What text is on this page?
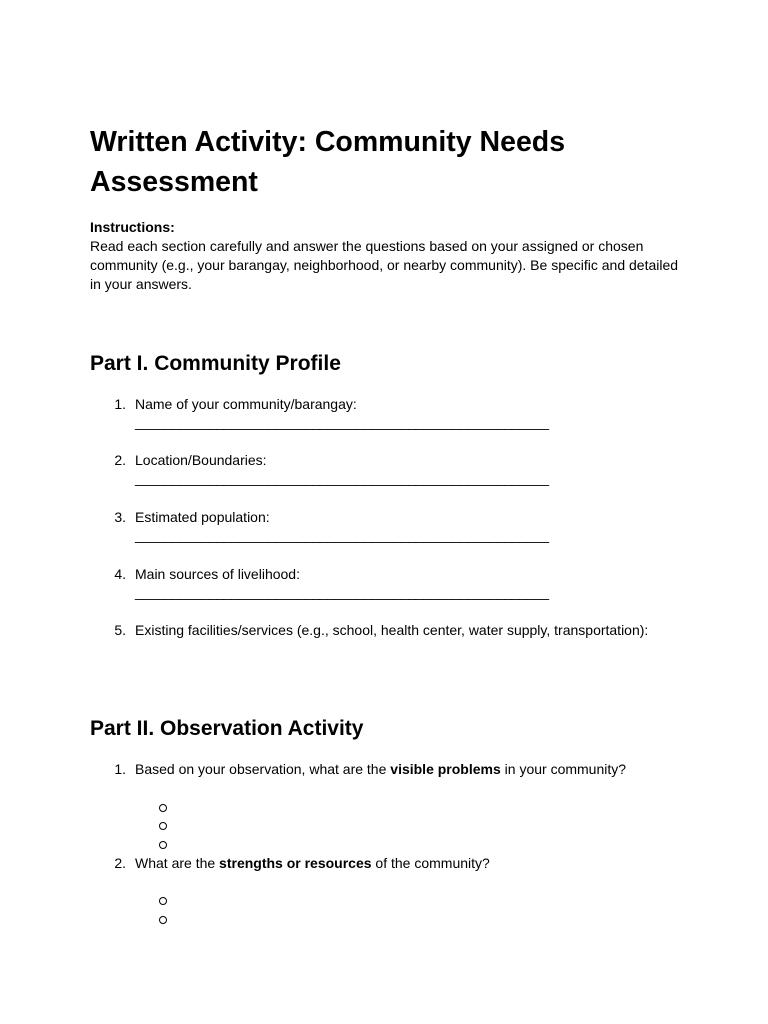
Written Activity: Community Needs Assessment
Instructions:

Read each section carefully and answer the questions based on your assigned or chosen community (e.g., your barangay, neighborhood, or nearby community). Be specific and detailed in your answers.

Part I. Community Profile
1. Name of your community/barangay:
________________________________________________________
2. Location/Boundaries:
________________________________________________________
3. Estimated population:
________________________________________________________
4. Main sources of livelihood:
________________________________________________________
5. Existing facilities/services (e.g., school, health center, water supply, transportation):
Part II. Observation Activity
1. Based on your observation, what are the visible problems in your community?
2. What are the strengths or resources of the community?
